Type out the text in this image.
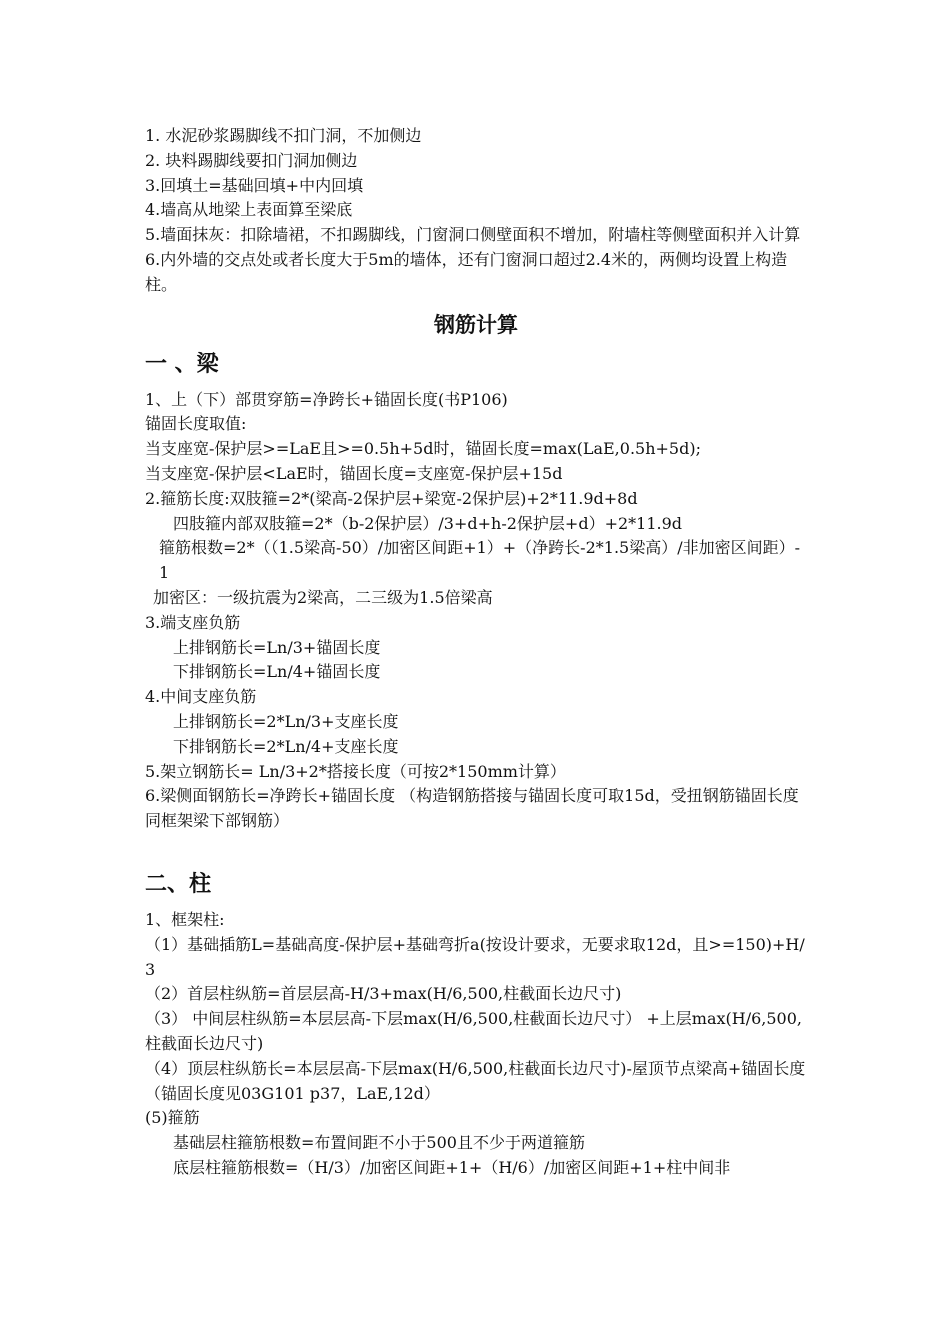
1. 水泥砂浆踢脚线不扣门洞，不加侧边
2. 块料踢脚线要扣门洞加侧边
3.回填土=基础回填+中内回填
4.墙高从地梁上表面算至梁底
5.墙面抹灰：扣除墙裙，不扣踢脚线，门窗洞口侧壁面积不增加，附墙柱等侧壁面积并入计算
6.内外墙的交点处或者长度大于5m的墙体，还有门窗洞口超过2.4米的，两侧均设置上构造柱。
钢筋计算
一 、梁
1、上（下）部贯穿筋=净跨长+锚固长度(书P106)
锚固长度取值:
当支座宽-保护层>=LaE且>=0.5h+5d时，锚固长度=max(LaE,0.5h+5d);
当支座宽-保护层<LaE时，锚固长度=支座宽-保护层+15d
2.箍筋长度:双肢箍=2*(梁高-2保护层+梁宽-2保护层)+2*11.9d+8d
四肢箍内部双肢箍=2*（b-2保护层）/3+d+h-2保护层+d）+2*11.9d
箍筋根数=2*（（1.5梁高-50）/加密区间距+1）+（净跨长-2*1.5梁高）/非加密区间距）-1
加密区：一级抗震为2梁高，二三级为1.5倍梁高
3.端支座负筋
上排钢筋长=Ln/3+锚固长度
下排钢筋长=Ln/4+锚固长度
4.中间支座负筋
上排钢筋长=2*Ln/3+支座长度
下排钢筋长=2*Ln/4+支座长度
5.架立钢筋长= Ln/3+2*搭接长度（可按2*150mm计算）
6.梁侧面钢筋长=净跨长+锚固长度 （构造钢筋搭接与锚固长度可取15d，受扭钢筋锚固长度同框架梁下部钢筋）
二、柱
1、框架柱:
（1）基础插筋L=基础高度-保护层+基础弯折a(按设计要求，无要求取12d，且>=150)+H/3
（2）首层柱纵筋=首层层高-H/3+max(H/6,500,柱截面长边尺寸)
（3） 中间层柱纵筋=本层层高-下层max(H/6,500,柱截面长边尺寸） +上层max(H/6,500,柱截面长边尺寸)
（4）顶层柱纵筋长=本层层高-下层max(H/6,500,柱截面长边尺寸)-屋顶节点梁高+锚固长度 （锚固长度见03G101 p37，LaE,12d）
(5)箍筋
基础层柱箍筋根数=布置间距不小于500且不少于两道箍筋
底层柱箍筋根数=（H/3）/加密区间距+1+（H/6）/加密区间距+1+柱中间非
